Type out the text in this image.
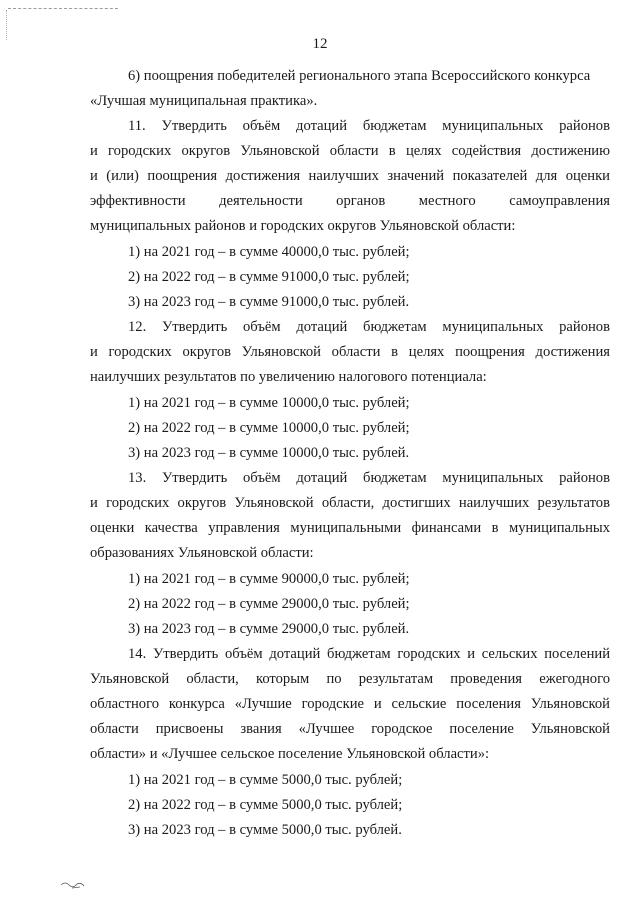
12
6) поощрения победителей регионального этапа Всероссийского конкурса
«Лучшая муниципальная практика».
11. Утвердить объём дотаций бюджетам муниципальных районов
и городских округов Ульяновской области в целях содействия достижению
и (или) поощрения достижения наилучших значений показателей для оценки
эффективности деятельности органов местного самоуправления
муниципальных районов и городских округов Ульяновской области:
1) на 2021 год – в сумме 40000,0 тыс. рублей;
2) на 2022 год – в сумме 91000,0 тыс. рублей;
3) на 2023 год – в сумме 91000,0 тыс. рублей.
12. Утвердить объём дотаций бюджетам муниципальных районов
и городских округов Ульяновской области в целях поощрения достижения
наилучших результатов по увеличению налогового потенциала:
1) на 2021 год – в сумме 10000,0 тыс. рублей;
2) на 2022 год – в сумме 10000,0 тыс. рублей;
3) на 2023 год – в сумме 10000,0 тыс. рублей.
13. Утвердить объём дотаций бюджетам муниципальных районов
и городских округов Ульяновской области, достигших наилучших результатов
оценки качества управления муниципальными финансами в муниципальных
образованиях Ульяновской области:
1) на 2021 год – в сумме 90000,0 тыс. рублей;
2) на 2022 год – в сумме 29000,0 тыс. рублей;
3) на 2023 год – в сумме 29000,0 тыс. рублей.
14. Утвердить объём дотаций бюджетам городских и сельских поселений
Ульяновской области, которым по результатам проведения ежегодного
областного конкурса «Лучшие городские и сельские поселения Ульяновской
области присвоены звания «Лучшее городское поселение Ульяновской
области» и «Лучшее сельское поселение Ульяновской области»:
1) на 2021 год – в сумме 5000,0 тыс. рублей;
2) на 2022 год – в сумме 5000,0 тыс. рублей;
3) на 2023 год – в сумме 5000,0 тыс. рублей.
